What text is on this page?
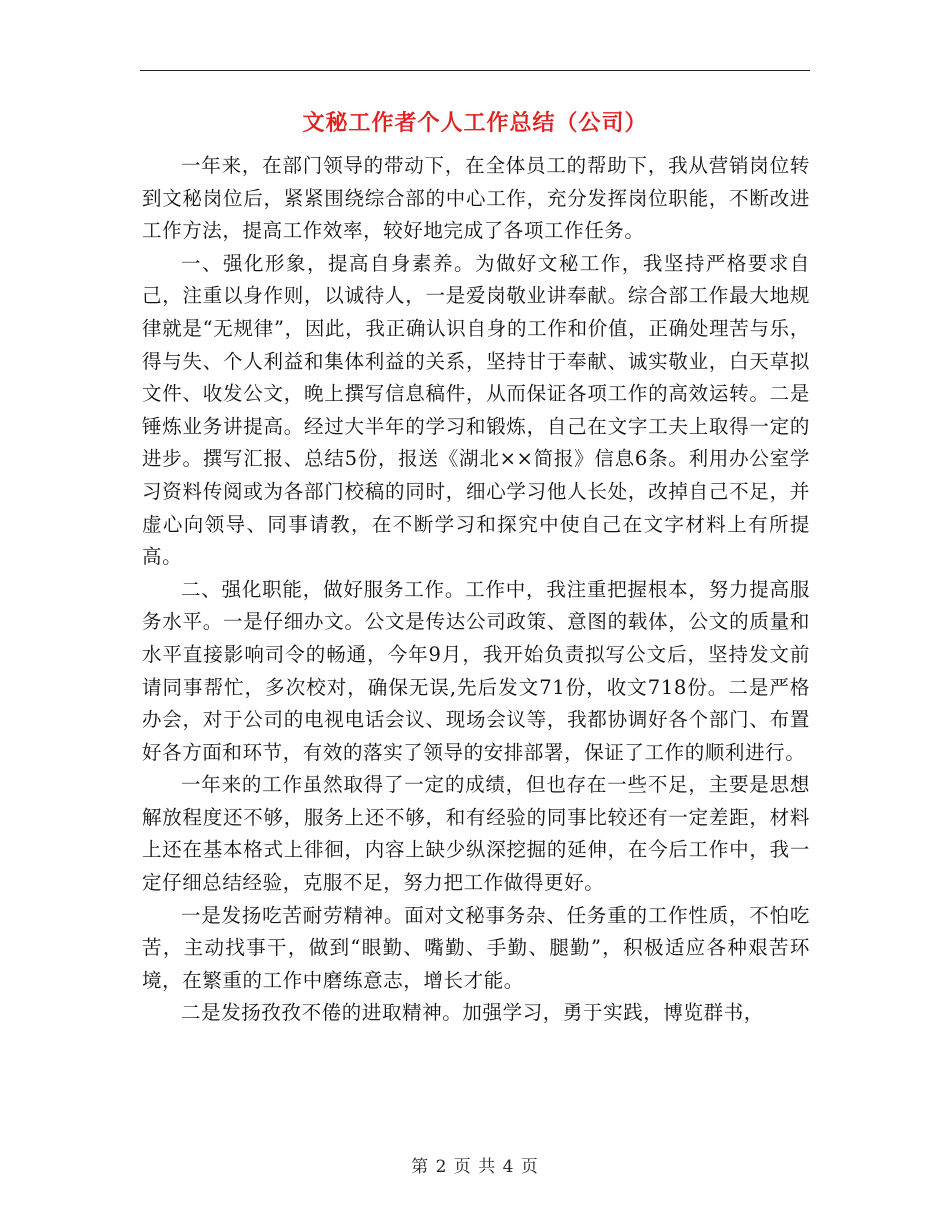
文秘工作者个人工作总结（公司）

一年来，在部门领导的带动下，在全体员工的帮助下，我从营销岗位转到文秘岗位后，紧紧围绕综合部的中心工作，充分发挥岗位职能，不断改进工作方法，提高工作效率，较好地完成了各项工作任务。

一、强化形象，提高自身素养。为做好文秘工作，我坚持严格要求自己，注重以身作则，以诚待人，一是爱岗敬业讲奉献。综合部工作最大地规律就是“无规律”，因此，我正确认识自身的工作和价值，正确处理苦与乐，得与失、个人利益和集体利益的关系，坚持甘于奉献、诚实敬业，白天草拟文件、收发公文，晚上撰写信息稿件，从而保证各项工作的高效运转。二是锤炼业务讲提高。经过大半年的学习和锻炼，自己在文字工夫上取得一定的进步。撰写汇报、总结5份，报送《湖北××简报》信息6条。利用办公室学习资料传阅或为各部门校稿的同时，细心学习他人长处，改掉自己不足，并虚心向领导、同事请教，在不断学习和探究中使自己在文字材料上有所提高。

二、强化职能，做好服务工作。工作中，我注重把握根本，努力提高服务水平。一是仔细办文。公文是传达公司政策、意图的载体，公文的质量和水平直接影响司令的畅通，今年9月，我开始负责拟写公文后，坚持发文前请同事帮忙，多次校对，确保无误,先后发文71份，收文718份。二是严格办会，对于公司的电视电话会议、现场会议等，我都协调好各个部门、布置好各方面和环节，有效的落实了领导的安排部署，保证了工作的顺利进行。

一年来的工作虽然取得了一定的成绩，但也存在一些不足，主要是思想解放程度还不够，服务上还不够，和有经验的同事比较还有一定差距，材料上还在基本格式上徘徊，内容上缺少纵深挖掘的延伸，在今后工作中，我一定仔细总结经验，克服不足，努力把工作做得更好。

一是发扬吃苦耐劳精神。面对文秘事务杂、任务重的工作性质，不怕吃苦，主动找事干，做到“眼勤、嘴勤、手勤、腿勤”，积极适应各种艰苦环境，在繁重的工作中磨练意志，增长才能。

二是发扬孜孜不倦的进取精神。加强学习，勇于实践，博览群书，

第 2 页 共 4 页
